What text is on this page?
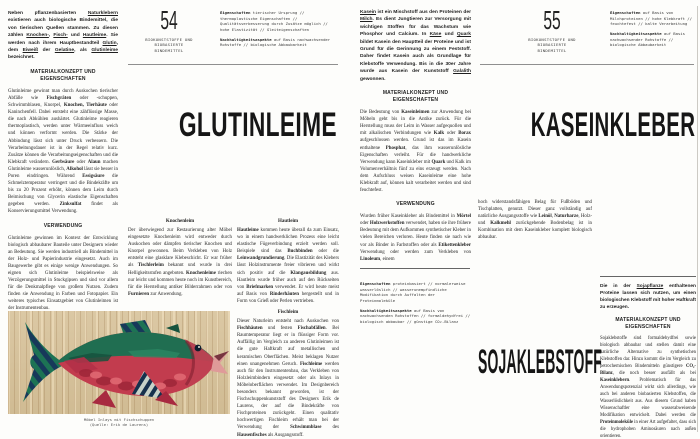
Neben pflanzenbasierten Naturklebern existieren auch biologische Bindemittel, die von tierischen Quellen stammen. Zu diesen zählen Knochen-, Fisch- und Hautleime. Sie werden nach ihrem Hauptbestandteil Glutin, dem Eiweiß der Gelatine, als Glutinleime bezeichnet.

MATERIALKONZEPT UND EIGENSCHAFTEN

Glutinleime gewinnt man durch Auskochen tierischer Abfälle wie Fischgräten oder -schuppen, Schwimmblasen, Knorpel, Knochen, Tierhäute oder Kaninchenfell. Dabei entsteht eine zähflüssige Masse, die nach Abkühlen aushärtet. Glutinleime reagieren thermoplastisch, werden unter Wärmeeinfluss weich und können verformt werden. Die Stärke der Abbindung lässt sich unter Druck verbessern. Die Verarbeitungsdauer ist in der Regel relativ kurz. Zusätze können die Verarbeitungseigenschaften und die Klebkraft verändern. Gerbsäure oder Alaun machen Glutinleime wasserunlöslich, Alkohol lässt sie besser in Poren eindringen. Während Essigsäure die Schmelztemperatur verringert und die Bindekräfte um bis zu 20 Prozent erhöht, können dem Leim durch Beimischung von Glycerin elastische Eigenschaften gegeben werden. Zinksulfat findet als Konservierungsmittel Verwendung.

VERWENDUNG

Glutinleime gewinnen im Kontext der Entwicklung biologisch abbaubarer Bauteile unter Designern wieder an Bedeutung. Sie werden industriell als Bindemittel in der Holz- und Papierindustrie eingesetzt. Auch im Baugewerbe gibt es einige wenige Anwendungen. So eignen sich Glutinleime beispielsweise als Verzögerungsmittel in Stuckgipsen und sind vor allem für die Denkmalpflege von großem Nutzen. Zudem finden sie Anwendung in Farben und Fotopapier. Ein weiteres typisches Einsatzgebiet von Glutinleimen ist der Instrumentenbau.

54
BIOKUNSTSTOFFE UND BIOBASIERTE BINDEMITTEL

Eigenschaften tierischer Ursprung // thermoplastische Eigenschaften // Qualitätsverbesserung durch Zusätze möglich // hohe Elastizität // Gleiteigenschaften

Nachhaltigkeitsaspekte auf Basis nachwachsender Rohstoffe // biologische Abbaubarkeit

GLUTINLEIME
Knochenleim

Der überwiegend zur Restaurierung alter Möbel eingesetzte Knochenleim wird entweder durch Auskochen oder dämpfen tierischer Knochen und Knorpel gewonnen. Beim Verkleben von Holz entsteht eine glasklare Klebeschicht. Er war früher als Tischlerleim bekannt und wurde in drei Helligkeitsstufen angeboten. Knochenleime riechen nur leicht und kommen heute noch im Kunstbereich, für die Herstellung antiker Bilderrahmen oder von Furnieren zur Anwendung.

Hautleim

Hautleime kommen heute überall da zum Einsatz, wo in einem handwerklichen Prozess eine leicht elastische Fügeverbindung erzielt werden soll. Beispiele sind das Buchbinden oder die Leinwandgrundierung. Die Elastizität des Klebers lässt Holzinstrumente freier vibrieren und wirkt sich positiv auf die Klangausbildung aus. Hautleim wurde früher auch auf den Rückseiten von Briefmarken verwendet. Er wird heute meist auf Basis von Rinderhäuten hergestellt und in Form von Grieß oder Perlen vertrieben.

Fischleim

Dieser Naturleim entsteht nach Auskochen von Fischhäuten und festen Fischabfällen. Bei Raumtemperatur liegt er in flüssiger Form vor. Auffällig im Vergleich zu anderen Glutinleimen ist die gute Haftkraft auf metallischen und keramischen Oberflächen. Meist beklagen Nutzer einen unangenehmen Geruch. Fischleime werden auch für den Instrumentenbau, das Verkleben von Holzleimbindern eingesetzt oder als Inlays in Möbeloberflächen verwendet. Im Designbereich besonders bekannt geworden, ist der Fischschuppenkunststoff des Designers Erik de Laurens, der auf die Bindekräfte von Fischproteinen zurückgeht. Einen qualitativ hochwertigen Fischleim erhält man bei der Verwendung der Schwimmblase des Hausenfisches als Ausgangsstoff.

Möbel Inlays mit Fischschuppen
(Quelle: Erik de Laurens)

Kasein ist ein Mischstoff aus den Proteinen der Milch. Es dient Jungtieren zur Versorgung mit wichtigen Stoffen für das Wachstum wie Phosphor und Calcium. In Käse und Quark bildet Kasein den Hauptteil der Proteine und ist Grund für die Gerinnung zu einem Feststoff. Daher findet Kasein auch als Grundlage für Klebstoffe Verwendung. Bis in die 30er Jahre wurde aus Kasein der Kunststoff Galalith gewonnen.

MATERIALKONZEPT UND EIGENSCHAFTEN

Die Bedeutung von Kaseinleimen zur Anwendung bei Möbeln geht bis in die Antike zurück. Für die Herstellung muss der Leim in Wasser aufgequollen und mit alkalischen Verbindungen wie Kalk oder Borax aufgeschlossen werden. Grund ist das im Kasein enthaltene Phosphat, das ihm wasserunlösliche Eigenschaften verleiht. Für die handwerkliche Verwendung kann Kaseinkleber mit Quark und Kalk im Volumenverhältnis fünf zu eins erzeugt werden. Nach dem Aufschluss weisen Kaseinleime eine hohe Klebkraft auf, können kalt verarbeitet werden und sind feuchtefest.

VERWENDUNG

Wurden früher Kaseinkleber als Bindemittel in Mörtel oder Holzwerkstoffen verwendet, haben sie ihre frühere Bedeutung mit dem Aufkommen synthetischer Kleber in vielen Bereichen verloren. Heute finden sie nach wie vor als Binder in Farbstoffen oder als Etikettenkleber Verwendung oder werden zum Verkleben von Linoleum, einem

Eigenschaften proteinbasiert // normalerweise wasserlöslich // wasserunempfindliche Modifikation durch Auffalten der Proteinmoleküle

Nachhaltigkeitsaspekte auf Basis von nachwachsenden Rohstoffen // formaldehydfrei // biologisch abbaubar // günstige CO₂-Bilanz

55
BIOKUNSTSTOFFE UND BIOBASIERTE BINDEMITTEL

Eigenschaften auf Basis von Milchproteinen // hohe Klebkraft // feuchtefest // kalte Verarbeitung

Nachhaltigkeitsaspekte auf Basis nachwachsender Rohstoffe // biologische Abbaubarkeit

KASEINKLEBER

hoch widerstandsfähigen Belag für Fußböden und Tischplatten, genutzt. Dieser ganz vollständig auf natürliche Ausgangsstoffe wie Leinöl, Naturharze, Holz- und Kalkmehl zurückgehende Bodenbelag ist in Kombination mit dem Kaseinkleber komplett biologisch abbaubar.

SOJAKLEBSTOFF

Die in der Sojapflanze enthaltenen Proteine lassen sich nutzen, um einen biologischen Klebstoff mit hoher Haftkraft zu erzeugen.

MATERIALKONZEPT UND EIGENSCHAFTEN

Sojaklebstoffe sind formaldehydfrei sowie biologisch abbaubar und stellen damit eine natürliche Alternative zu synthetischen Klebstoffen dar. Hinzu kommt die im Vergleich zu petrochemischen Bindemitteln günstigere CO₂-Bilanz, die noch besser ausfällt als bei Kaseinklebern. Problematisch für das Anwendungspotenzial wirkt sich allerdings, wie auch bei anderen biobasierten Klebstoffen, die Wasserlöslichkeit aus. Aus diesem Grund haben Wissenschaftler eine wasserabweisende Modifikation entwickelt. Dabei werden die Proteinmoleküle in einer Art aufgefaltet, dass sich die hydrophoben Aminosäuren nach außen orientieren.
